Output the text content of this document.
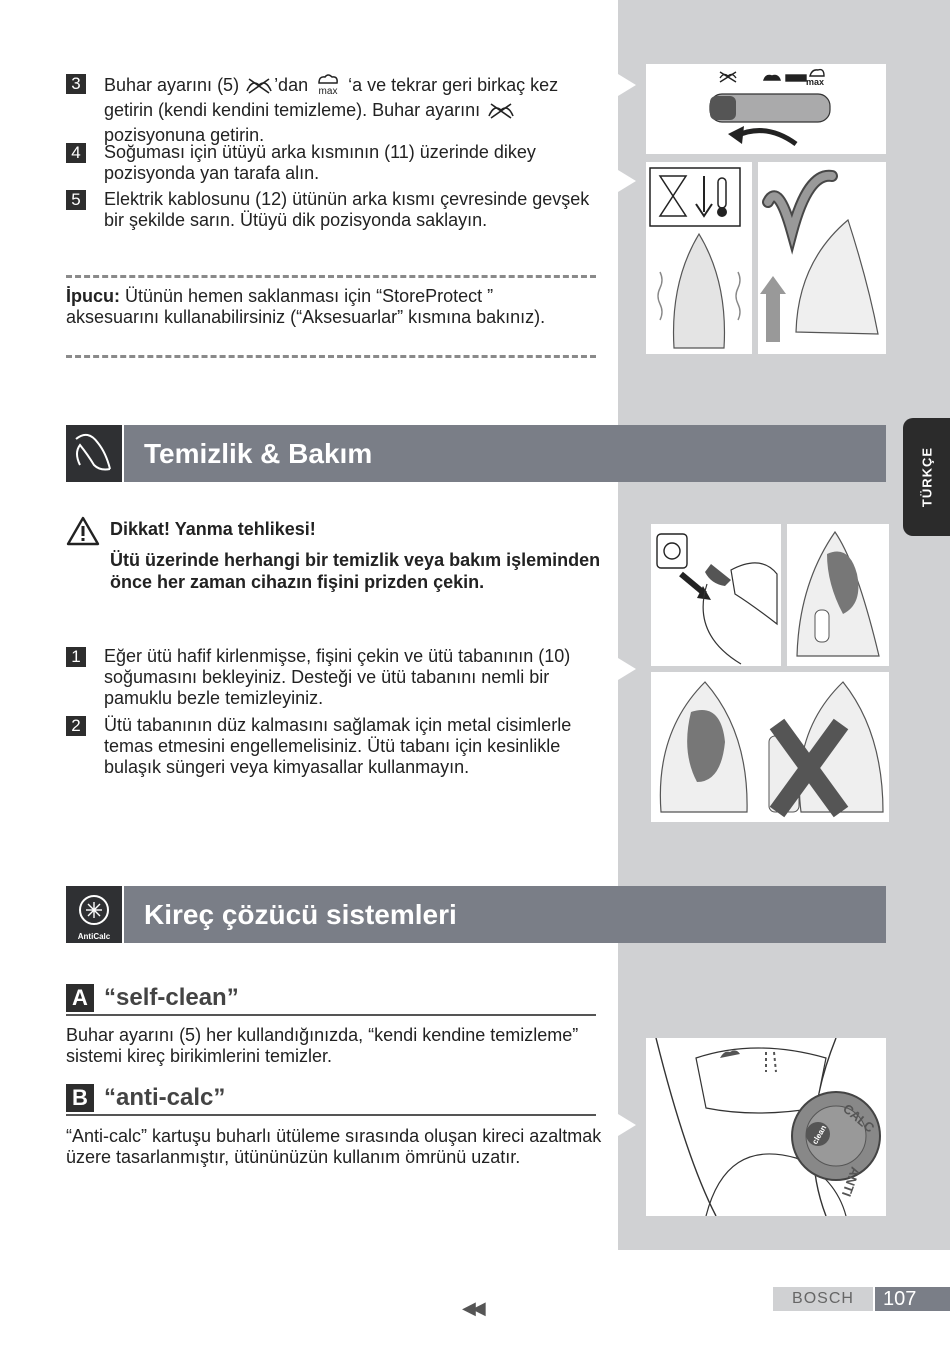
3 Buhar ayarını (5) ’dan max ‘a ve tekrar geri birkaç kez getirin (kendi kendini temizleme). Buhar ayarını  pozisyonuna getirin.
4 Soğuması için ütüyü arka kısmının (11) üzerinde dikey pozisyonda yan tarafa alın.
5 Elektrik kablosunu (12) ütünün arka kısmı çevresinde gevşek bir şekilde sarın. Ütüyü dik pozisyonda saklayın.
İpucu: Ütünün hemen saklanması için “StoreProtect ” aksesuarını kullanabilirsiniz (“Aksesuarlar” kısmına bakınız).
max
Temizlik & Bakım	TÜRKÇE
Dikkat! Yanma tehlikesi!
Ütü üzerinde herhangi bir temizlik veya bakım işleminden önce her zaman cihazın fişini prizden çekin.
1 Eğer ütü hafif kirlenmişse, fişini çekin ve ütü tabanının (10) soğumasını bekleyiniz. Desteği ve ütü tabanını nemli bir pamuklu bezle temizleyiniz.
2 Ütü tabanının düz kalmasını sağlamak için metal cisimlerle temas etmesini engellemelisiniz. Ütü tabanı için kesinlikle bulaşık süngeri veya kimyasallar kullanmayın.
AntiCalc
Kireç çözücü sistemleri
A “self-clean”
Buhar ayarını (5) her kullandığınızda, “kendi kendine temizleme” sistemi kireç birikimlerini temizler.
B “anti-calc”
“Anti-calc” kartuşu buharlı ütüleme sırasında oluşan kireci azaltmak üzere tasarlanmıştır, ütününüzün kullanım ömrünü uzatır.
CALC
ANTI
clean
◀◀	BOSCH	107
